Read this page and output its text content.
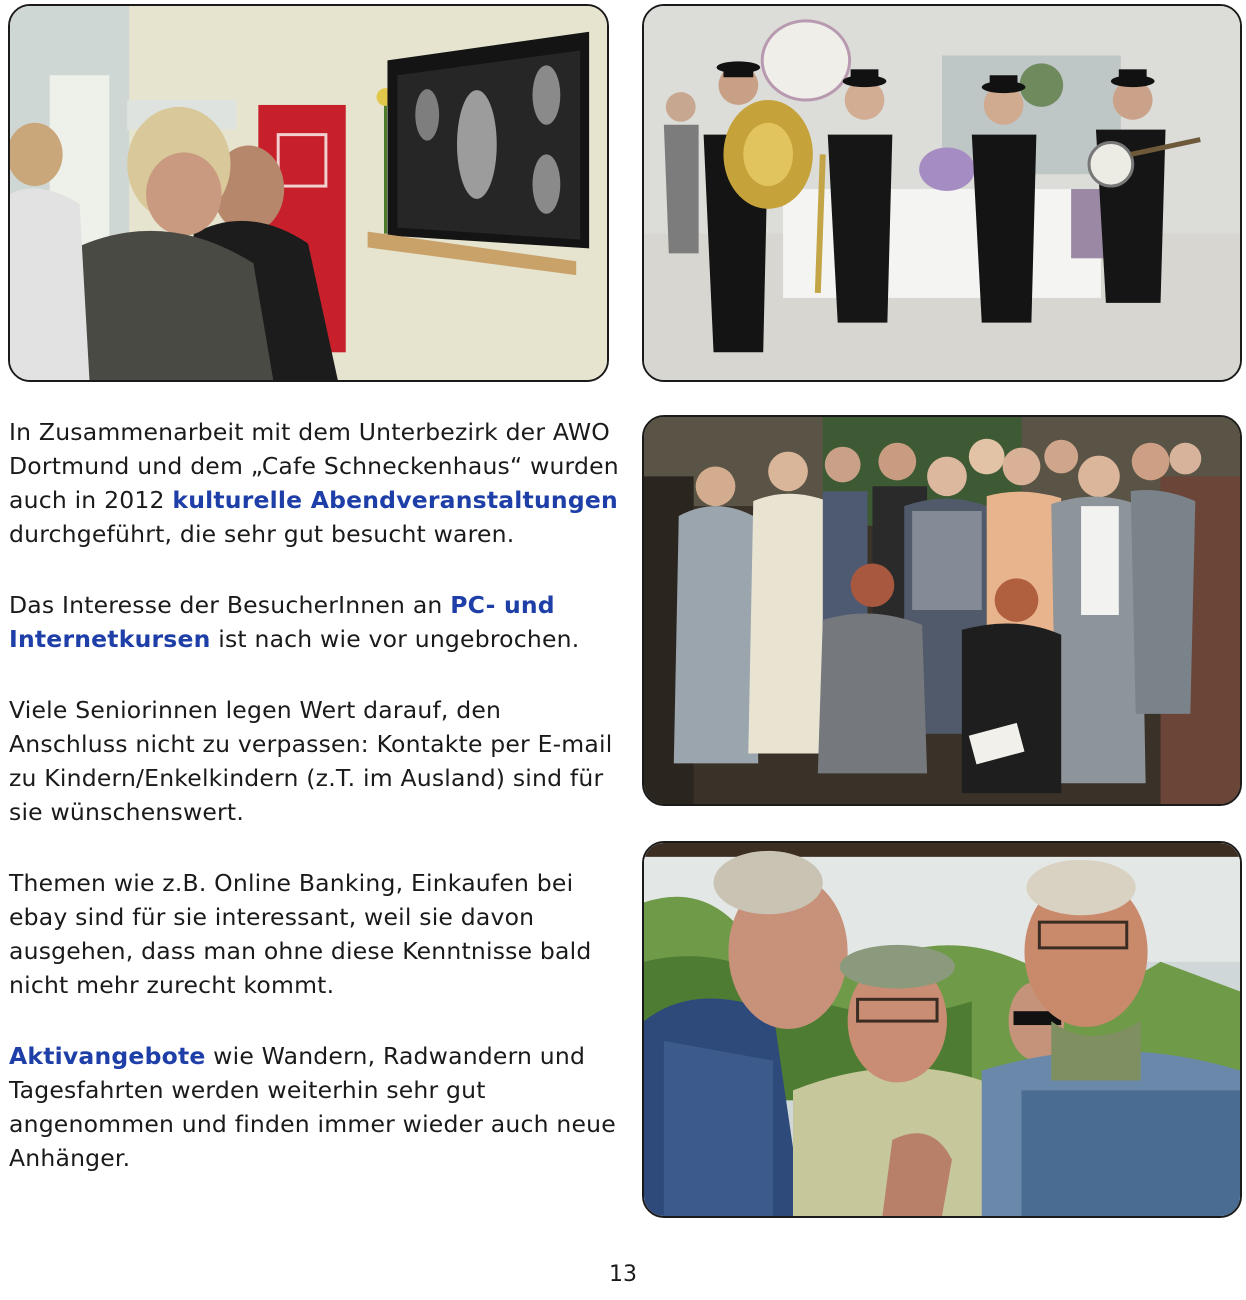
In Zusammenarbeit mit dem Unterbezirk der AWO Dortmund und dem „Cafe Schneckenhaus“ wurden auch in 2012 kulturelle Abendveranstaltungen durchgeführt, die sehr gut besucht waren.

Das Interesse der BesucherInnen an PC- und Internetkursen ist nach wie vor ungebrochen.

Viele Seniorinnen legen Wert darauf, den Anschluss nicht zu verpassen: Kontakte per E-mail zu Kindern/Enkelkindern (z.T. im Ausland) sind für sie wünschenswert.

Themen wie z.B. Online Banking, Einkaufen bei ebay sind für sie interessant, weil sie davon ausgehen, dass man ohne diese Kenntnisse bald nicht mehr zurecht kommt.

Aktivangebote wie Wandern, Radwandern und Tagesfahrten werden weiterhin sehr gut angenommen und finden immer wieder auch neue Anhänger.

13
